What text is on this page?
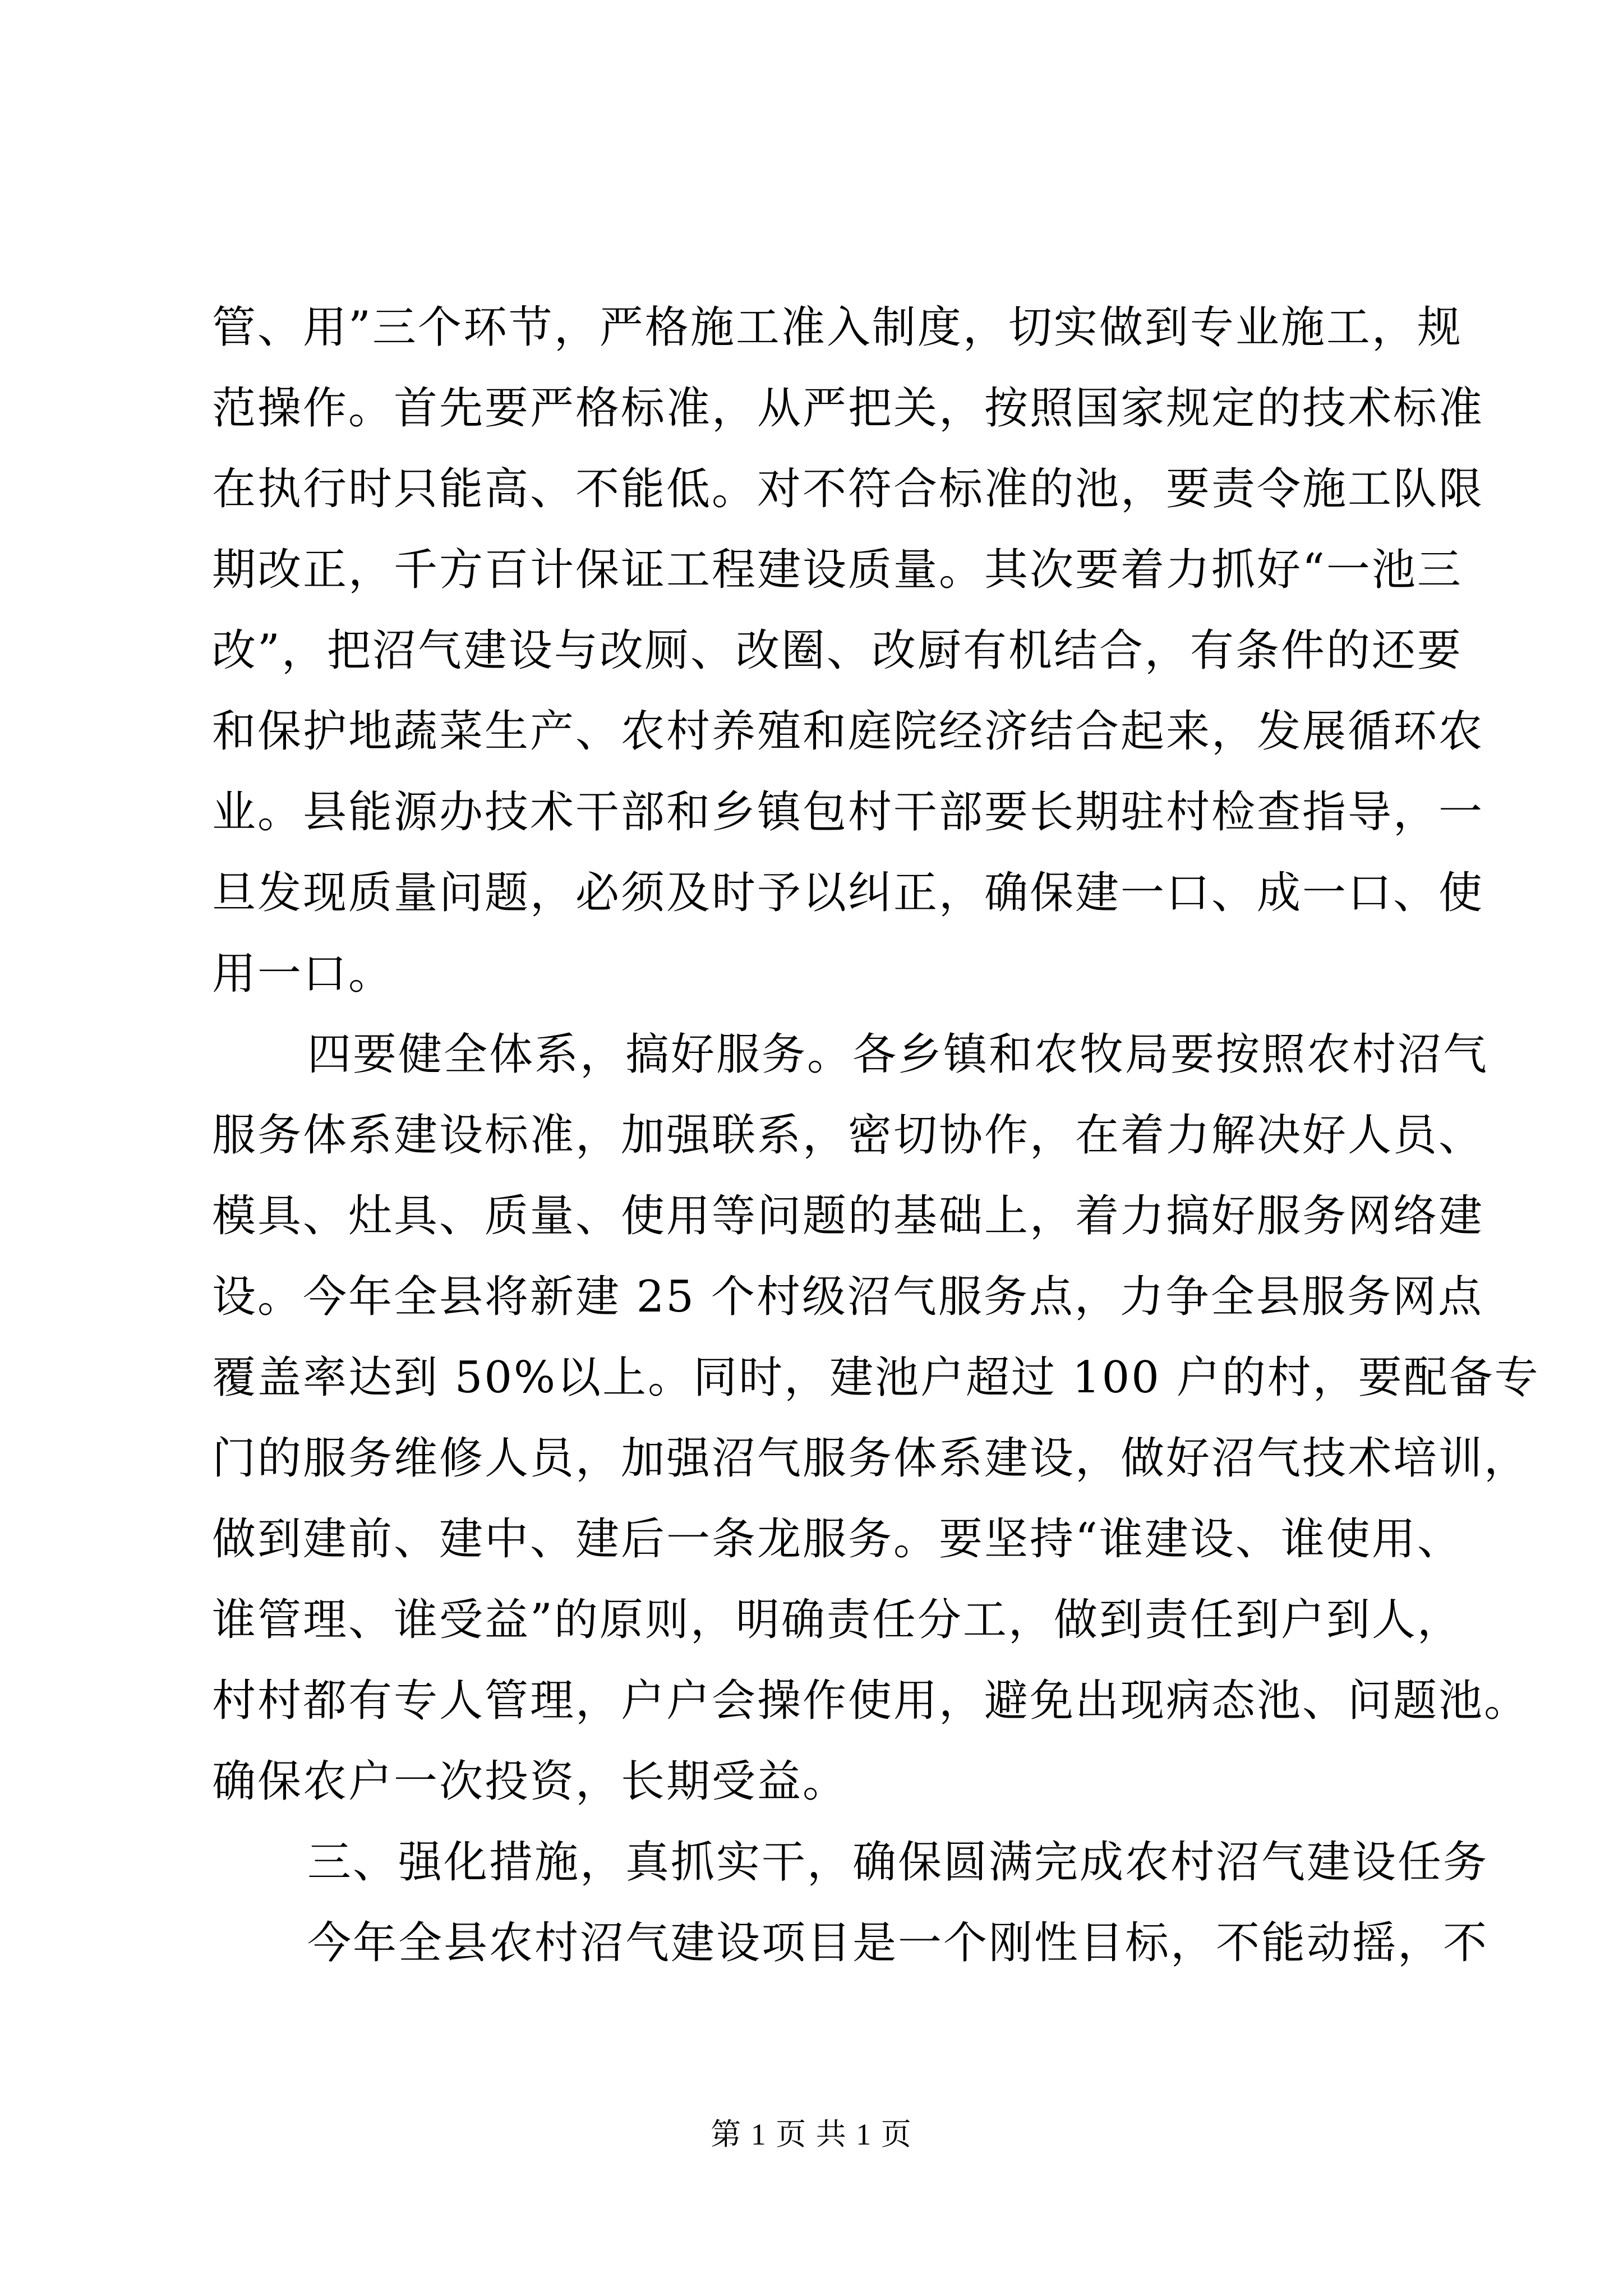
管、用”三个环节，严格施工准入制度，切实做到专业施工，规
范操作。首先要严格标准，从严把关，按照国家规定的技术标准
在执行时只能高、不能低。对不符合标准的池，要责令施工队限
期改正，千方百计保证工程建设质量。其次要着力抓好“一池三
改”，把沼气建设与改厕、改圈、改厨有机结合，有条件的还要
和保护地蔬菜生产、农村养殖和庭院经济结合起来，发展循环农
业。县能源办技术干部和乡镇包村干部要长期驻村检查指导，一
旦发现质量问题，必须及时予以纠正，确保建一口、成一口、使
用一口。
四要健全体系，搞好服务。各乡镇和农牧局要按照农村沼气
服务体系建设标准，加强联系，密切协作，在着力解决好人员、
模具、灶具、质量、使用等问题的基础上，着力搞好服务网络建
设。今年全县将新建 25 个村级沼气服务点，力争全县服务网点
覆盖率达到 50%以上。同时，建池户超过 100 户的村，要配备专
门的服务维修人员，加强沼气服务体系建设，做好沼气技术培训，
做到建前、建中、建后一条龙服务。要坚持“谁建设、谁使用、
谁管理、谁受益”的原则，明确责任分工，做到责任到户到人，
村村都有专人管理，户户会操作使用，避免出现病态池、问题池。
确保农户一次投资，长期受益。
三、强化措施，真抓实干，确保圆满完成农村沼气建设任务
今年全县农村沼气建设项目是一个刚性目标，不能动摇，不
第 1 页 共 1 页
